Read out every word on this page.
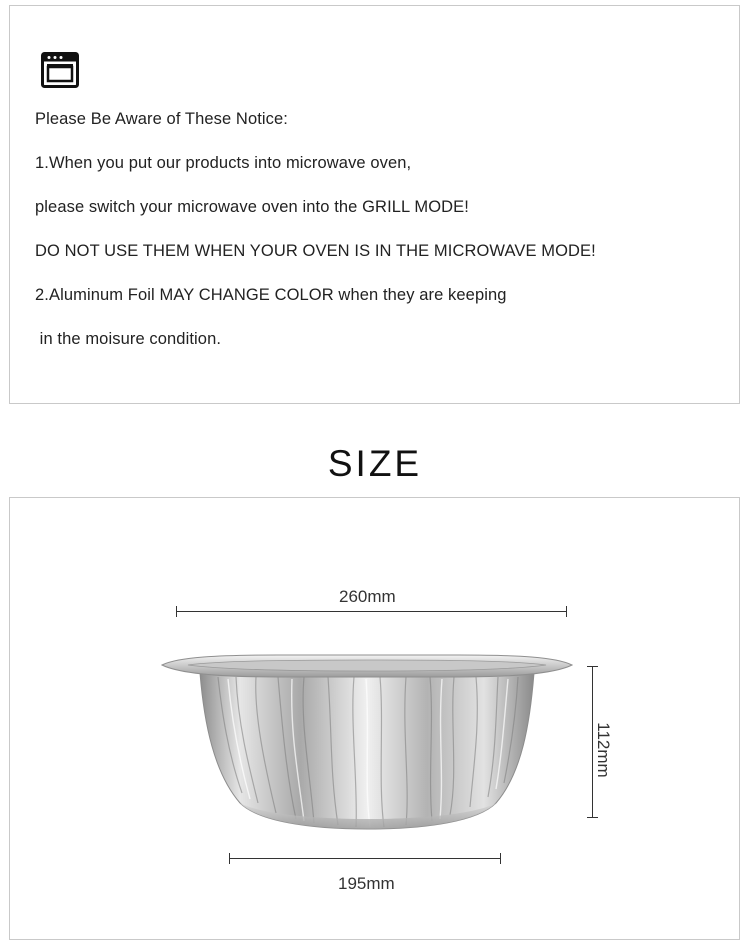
Please Be Aware of These Notice:
1.When you put our products into microwave oven,
please switch your microwave oven into the GRILL MODE!
DO NOT USE THEM WHEN YOUR OVEN IS IN THE MICROWAVE MODE!
2.Aluminum Foil MAY CHANGE COLOR when they are keeping
in the moisure condition.
SIZE
260mm
112mm
195mm
